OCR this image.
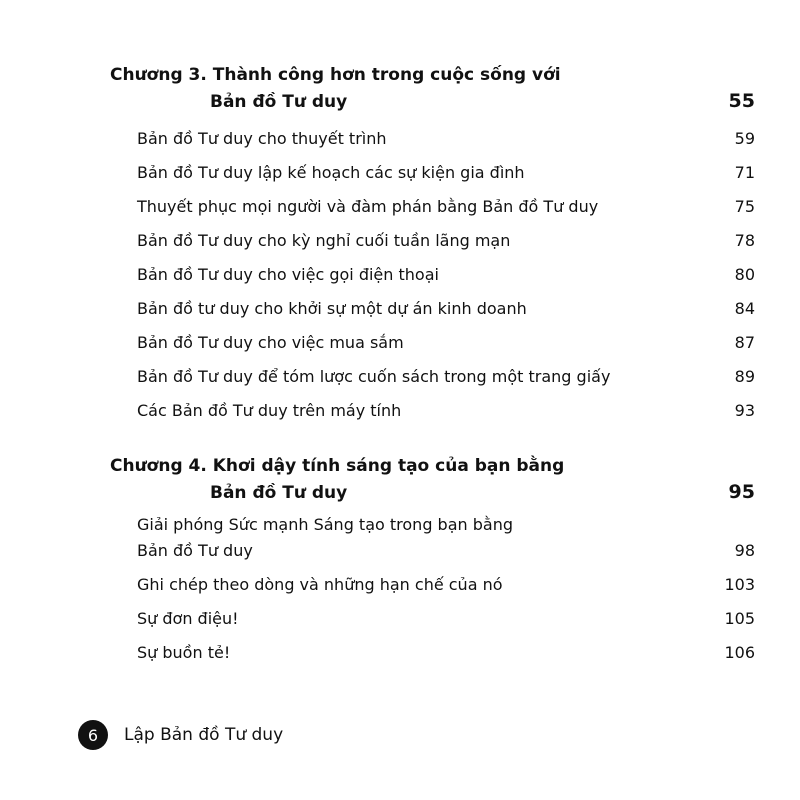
Chương 3. Thành công hơn trong cuộc sống với
Bản đồ Tư duy	55
Bản đồ Tư duy cho thuyết trình	59
Bản đồ Tư duy lập kế hoạch các sự kiện gia đình	71
Thuyết phục mọi người và đàm phán bằng Bản đồ Tư duy	75
Bản đồ Tư duy cho kỳ nghỉ cuối tuần lãng mạn	78
Bản đồ Tư duy cho việc gọi điện thoại	80
Bản đồ tư duy cho khởi sự một dự án kinh doanh	84
Bản đồ Tư duy cho việc mua sắm	87
Bản đồ Tư duy để tóm lược cuốn sách trong một trang giấy	89
Các Bản đồ Tư duy trên máy tính	93
Chương 4. Khơi dậy tính sáng tạo của bạn bằng
Bản đồ Tư duy	95
Giải phóng Sức mạnh Sáng tạo trong bạn bằng
Bản đồ Tư duy	98
Ghi chép theo dòng và những hạn chế của nó	103
Sự đơn điệu!	105
Sự buồn tẻ!	106
6	Lập Bản đồ Tư duy
